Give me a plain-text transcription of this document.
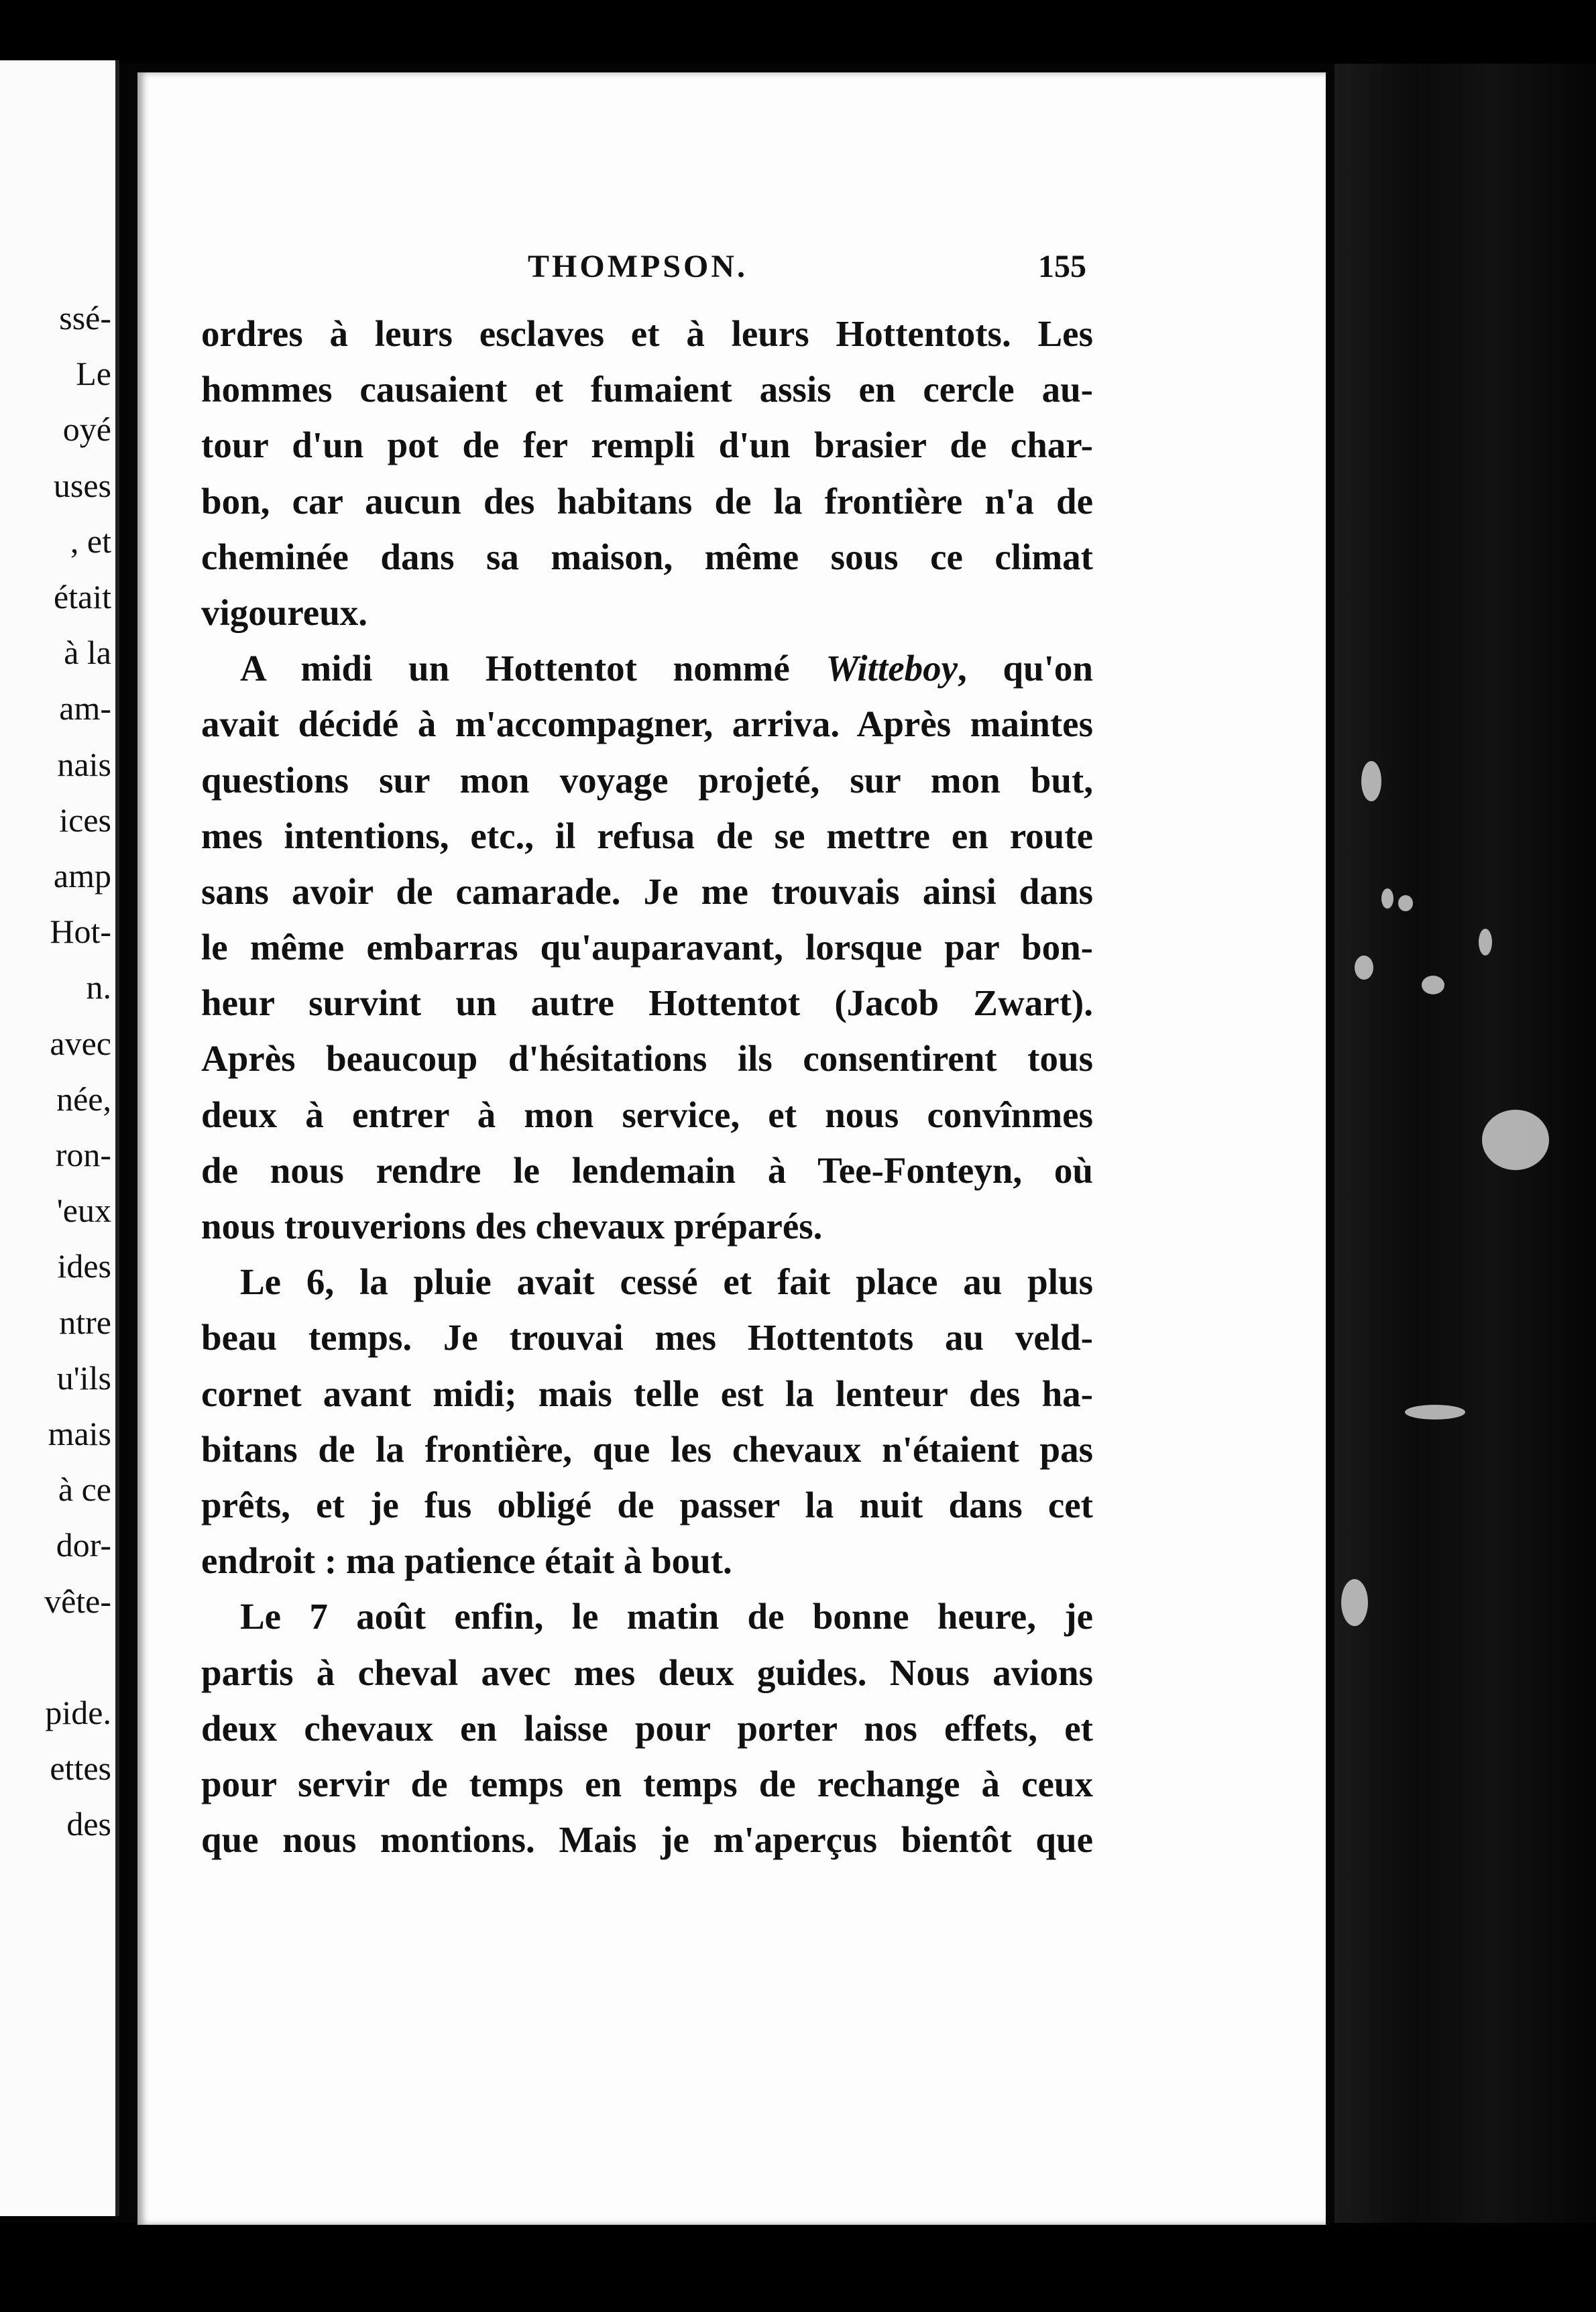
ssé-
Le
oyé
uses
, et
était
à la
am-
nais
ices
amp
Hot-
n.
avec
née,
ron-
'eux
ides
ntre
u'ils
mais
à ce
dor-
vête-
pide.
ettes
des
THOMPSON.	155
ordres à leurs esclaves et à leurs Hottentots. Les
hommes causaient et fumaient assis en cercle au-
tour d'un pot de fer rempli d'un brasier de char-
bon, car aucun des habitans de la frontière n'a de
cheminée dans sa maison, même sous ce climat
vigoureux.
A midi un Hottentot nommé Witteboy, qu'on
avait décidé à m'accompagner, arriva. Après maintes
questions sur mon voyage projeté, sur mon but,
mes intentions, etc., il refusa de se mettre en route
sans avoir de camarade. Je me trouvais ainsi dans
le même embarras qu'auparavant, lorsque par bon-
heur survint un autre Hottentot (Jacob Zwart).
Après beaucoup d'hésitations ils consentirent tous
deux à entrer à mon service, et nous convînmes
de nous rendre le lendemain à Tee-Fonteyn, où
nous trouverions des chevaux préparés.
Le 6, la pluie avait cessé et fait place au plus
beau temps. Je trouvai mes Hottentots au veld-
cornet avant midi; mais telle est la lenteur des ha-
bitans de la frontière, que les chevaux n'étaient pas
prêts, et je fus obligé de passer la nuit dans cet
endroit : ma patience était à bout.
Le 7 août enfin, le matin de bonne heure, je
partis à cheval avec mes deux guides. Nous avions
deux chevaux en laisse pour porter nos effets, et
pour servir de temps en temps de rechange à ceux
que nous montions. Mais je m'aperçus bientôt que
